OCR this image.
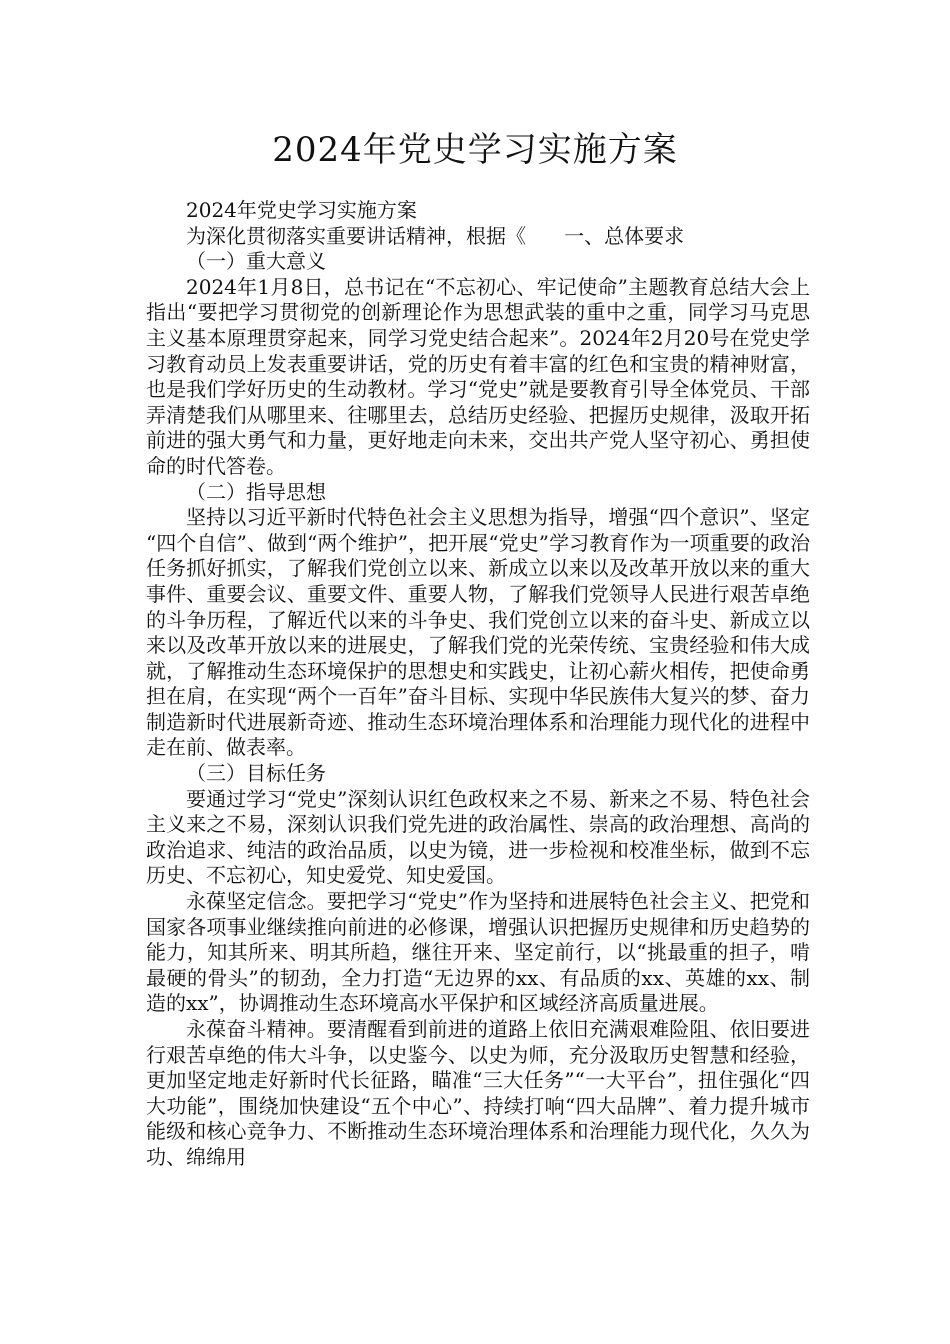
2024年党史学习实施方案
2024年党史学习实施方案
为深化贯彻落实重要讲话精神，根据《      一、总体要求
（一）重大意义

2024年1月8日，总书记在“不忘初心、牢记使命”主题教育总结大会上指出“要把学习贯彻党的创新理论作为思想武装的重中之重，同学习马克思主义基本原理贯穿起来，同学习党史结合起来”。2024年2月20号在党史学习教育动员上发表重要讲话，党的历史有着丰富的红色和宝贵的精神财富，也是我们学好历史的生动教材。学习“党史”就是要教育引导全体党员、干部弄清楚我们从哪里来、往哪里去，总结历史经验、把握历史规律，汲取开拓前进的强大勇气和力量，更好地走向未来，交出共产党人坚守初心、勇担使命的时代答卷。

（二）指导思想

坚持以习近平新时代特色社会主义思想为指导，增强“四个意识”、坚定“四个自信”、做到“两个维护”，把开展“党史”学习教育作为一项重要的政治任务抓好抓实，了解我们党创立以来、新成立以来以及改革开放以来的重大事件、重要会议、重要文件、重要人物，了解我们党领导人民进行艰苦卓绝的斗争历程，了解近代以来的斗争史、我们党创立以来的奋斗史、新成立以来以及改革开放以来的进展史，了解我们党的光荣传统、宝贵经验和伟大成就，了解推动生态环境保护的思想史和实践史，让初心薪火相传，把使命勇担在肩，在实现“两个一百年”奋斗目标、实现中华民族伟大复兴的梦、奋力制造新时代进展新奇迹、推动生态环境治理体系和治理能力现代化的进程中走在前、做表率。

（三）目标任务

要通过学习“党史”深刻认识红色政权来之不易、新来之不易、特色社会主义来之不易，深刻认识我们党先进的政治属性、崇高的政治理想、高尚的政治追求、纯洁的政治品质，以史为镜，进一步检视和校准坐标，做到不忘历史、不忘初心，知史爱党、知史爱国。

永葆坚定信念。要把学习“党史”作为坚持和进展特色社会主义、把党和国家各项事业继续推向前进的必修课，增强认识把握历史规律和历史趋势的能力，知其所来、明其所趋，继往开来、坚定前行，以“挑最重的担子，啃最硬的骨头”的韧劲，全力打造“无边界的xx、有品质的xx、英雄的xx、制造的xx”，协调推动生态环境高水平保护和区域经济高质量进展。

永葆奋斗精神。要清醒看到前进的道路上依旧充满艰难险阻、依旧要进行艰苦卓绝的伟大斗争，以史鉴今、以史为师，充分汲取历史智慧和经验，更加坚定地走好新时代长征路，瞄准“三大任务”“一大平台”，扭住强化“四大功能”，围绕加快建设“五个中心”、持续打响“四大品牌”、着力提升城市能级和核心竞争力、不断推动生态环境治理体系和治理能力现代化，久久为功、绵绵用
